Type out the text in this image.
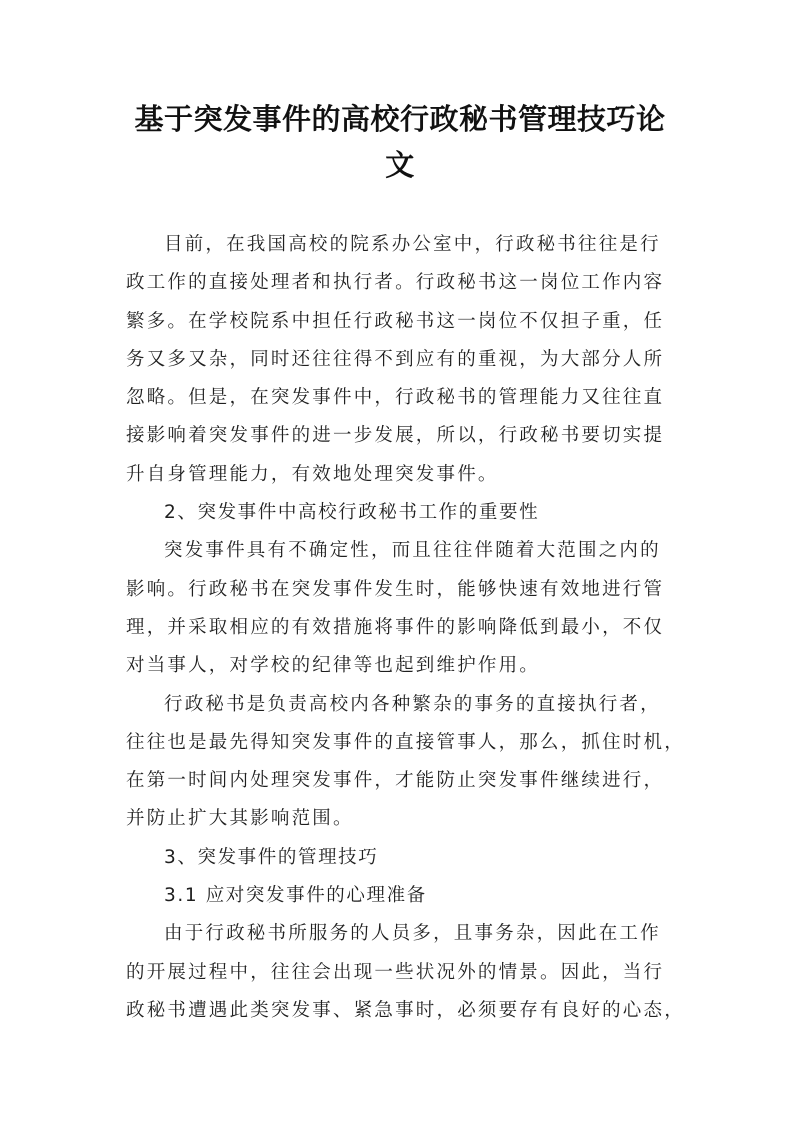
基于突发事件的高校行政秘书管理技巧论
文
目前，在我国高校的院系办公室中，行政秘书往往是行
政工作的直接处理者和执行者。行政秘书这一岗位工作内容
繁多。在学校院系中担任行政秘书这一岗位不仅担子重，任
务又多又杂，同时还往往得不到应有的重视，为大部分人所
忽略。但是，在突发事件中，行政秘书的管理能力又往往直
接影响着突发事件的进一步发展，所以，行政秘书要切实提
升自身管理能力，有效地处理突发事件。
2、突发事件中高校行政秘书工作的重要性
突发事件具有不确定性，而且往往伴随着大范围之内的
影响。行政秘书在突发事件发生时，能够快速有效地进行管
理，并采取相应的有效措施将事件的影响降低到最小，不仅
对当事人，对学校的纪律等也起到维护作用。
行政秘书是负责高校内各种繁杂的事务的直接执行者，
往往也是最先得知突发事件的直接管事人，那么，抓住时机，
在第一时间内处理突发事件，才能防止突发事件继续进行，
并防止扩大其影响范围。
3、突发事件的管理技巧
3.1 应对突发事件的心理准备
由于行政秘书所服务的人员多，且事务杂，因此在工作
的开展过程中，往往会出现一些状况外的情景。因此，当行
政秘书遭遇此类突发事、紧急事时，必须要存有良好的心态，
